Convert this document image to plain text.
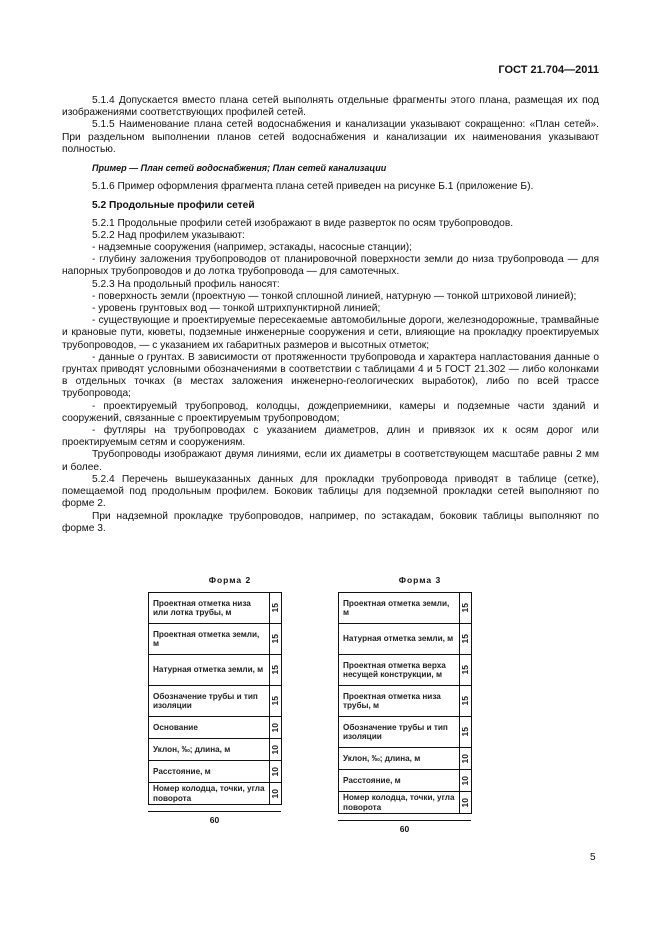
ГОСТ 21.704—2011

5.1.4 Допускается вместо плана сетей выполнять отдельные фрагменты этого плана, размещая их под изображениями соответствующих профилей сетей.

5.1.5 Наименование плана сетей водоснабжения и канализации указывают сокращенно: «План сетей». При раздельном выполнении планов сетей водоснабжения и канализации их наименования указывают полностью.

Пример — План сетей водоснабжения; План сетей канализации

5.1.6 Пример оформления фрагмента плана сетей приведен на рисунке Б.1 (приложение Б).

5.2 Продольные профили сетей

5.2.1 Продольные профили сетей изображают в виде разверток по осям трубопроводов.

5.2.2 Над профилем указывают:

- надземные сооружения (например, эстакады, насосные станции);

- глубину заложения трубопроводов от планировочной поверхности земли до низа трубопровода — для напорных трубопроводов и до лотка трубопровода — для самотечных.

5.2.3 На продольный профиль наносят:

- поверхность земли (проектную — тонкой сплошной линией, натурную — тонкой штриховой линией);

- уровень грунтовых вод — тонкой штрихпунктирной линией;

- существующие и проектируемые пересекаемые автомобильные дороги, железнодорожные, трамвайные и крановые пути, кюветы, подземные инженерные сооружения и сети, влияющие на прокладку проектируемых трубопроводов, — с указанием их габаритных размеров и высотных отметок;

- данные о грунтах. В зависимости от протяженности трубопровода и характера напластования данные о грунтах приводят условными обозначениями в соответствии с таблицами 4 и 5 ГОСТ 21.302 — либо колонками в отдельных точках (в местах заложения инженерно-геологических выработок), либо по всей трассе трубопровода;

- проектируемый трубопровод, колодцы, дождеприемники, камеры и подземные части зданий и сооружений, связанные с проектируемым трубопроводом;

- футляры на трубопроводах с указанием диаметров, длин и привязок их к осям дорог или проектируемым сетям и сооружениям.

Трубопроводы изображают двумя линиями, если их диаметры в соответствующем масштабе равны 2 мм и более.

5.2.4 Перечень вышеуказанных данных для прокладки трубопровода приводят в таблице (сетке), помещаемой под продольным профилем. Боковик таблицы для подземной прокладки сетей выполняют по форме 2.

При надземной прокладке трубопроводов, например, по эстакадам, боковик таблицы выполняют по форме 3.

Форма 2
Проектная отметка низа или лотка трубы, м	15
Проектная отметка земли, м	15
Натурная отметка земли, м	15
Обозначение трубы и тип изоляции	15
Основание	10
Уклон, ‰; длина, м	10
Расстояние, м	10
Номер колодца, точки, угла поворота	10
60
Форма 3
Проектная отметка земли, м	15
Натурная отметка земли, м	15
Проектная отметка верха несущей конструкции, м	15
Проектная отметка низа трубы, м	15
Обозначение трубы и тип изоляции	15
Уклон, ‰; длина, м	10
Расстояние, м	10
Номер колодца, точки, угла поворота	10
60
5
